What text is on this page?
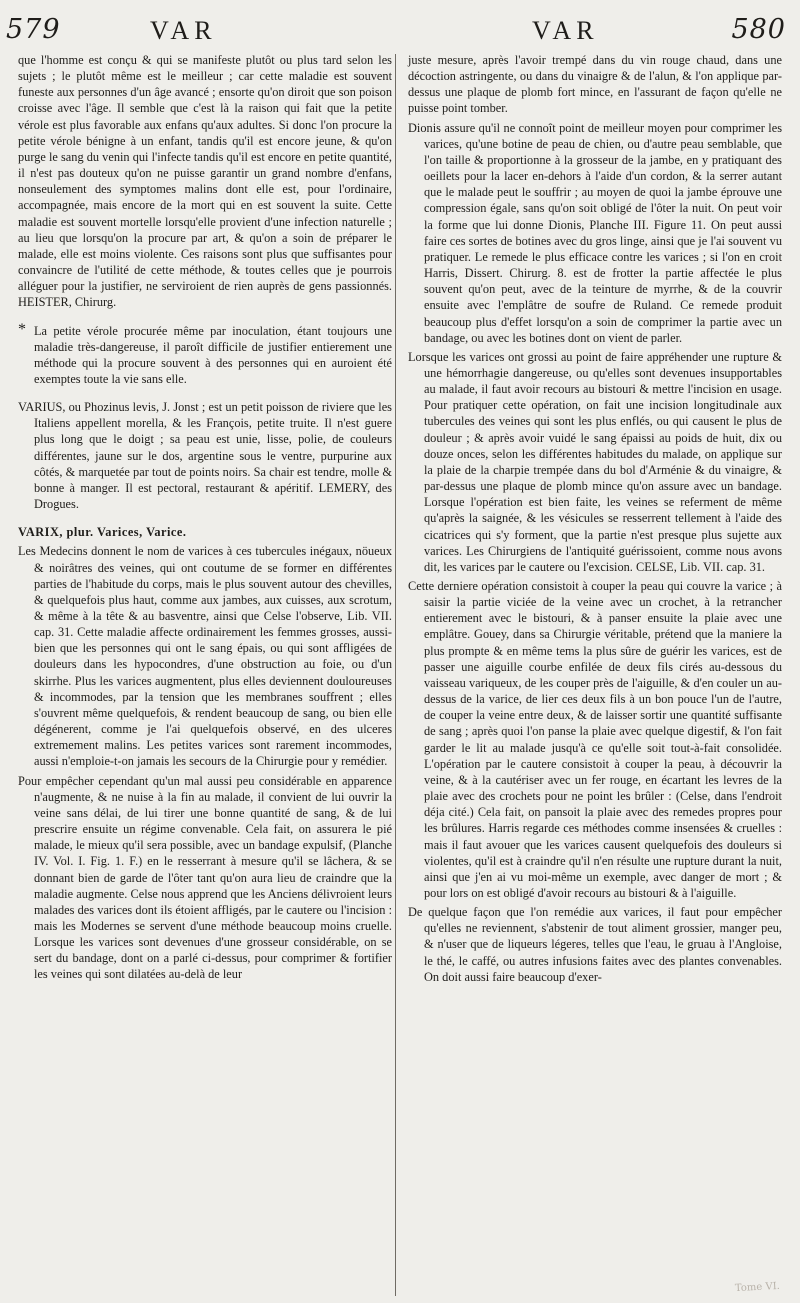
579	VAR	VAR	580

que l'homme est conçu & qui se manifeste plutôt ou plus tard selon les sujets ; le plutôt même est le meilleur ; car cette maladie est souvent funeste aux personnes d'un âge avancé ; ensorte qu'on diroit que son poison croisse avec l'âge. Il semble que c'est là la raison qui fait que la petite vérole est plus favorable aux enfans qu'aux adultes. Si donc l'on procure la petite vérole bénigne à un enfant, tandis qu'il est encore jeune, & qu'on purge le sang du venin qui l'infecte tandis qu'il est encore en petite quantité, il n'est pas douteux qu'on ne puisse garantir un grand nombre d'enfans, nonseulement des symptomes malins dont elle est, pour l'ordinaire, accompagnée, mais encore de la mort qui en est souvent la suite. Cette maladie est souvent mortelle lorsqu'elle provient d'une infection naturelle ; au lieu que lorsqu'on la procure par art, & qu'on a soin de préparer le malade, elle est moins violente. Ces raisons sont plus que suffisantes pour convaincre de l'utilité de cette méthode, & toutes celles que je pourrois alléguer pour la justifier, ne serviroient de rien auprès de gens passionnés. HEISTER, Chirurg.

* La petite vérole procurée même par inoculation, étant toujours une maladie très-dangereuse, il paroît difficile de justifier entierement une méthode qui la procure souvent à des personnes qui en auroient été exemptes toute la vie sans elle.

VARIUS, ou Phozinus levis, J. Jonst ; est un petit poisson de riviere que les Italiens appellent morella, & les François, petite truite. Il n'est guere plus long que le doigt ; sa peau est unie, lisse, polie, de couleurs différentes, jaune sur le dos, argentine sous le ventre, purpurine aux côtés, & marquetée par tout de points noirs. Sa chair est tendre, molle & bonne à manger. Il est pectoral, restaurant & apéritif. LEMERY, des Drogues.

VARIX, plur. Varices, Varice.

Les Medecins donnent le nom de varices à ces tubercules inégaux, nöueux & noirâtres des veines, qui ont coutume de se former en différentes parties de l'habitude du corps, mais le plus souvent autour des chevilles, & quelquefois plus haut, comme aux jambes, aux cuisses, aux scrotum, & même à la tête & au basventre, ainsi que Celse l'observe, Lib. VII. cap. 31. Cette maladie affecte ordinairement les femmes grosses, aussi-bien que les personnes qui ont le sang épais, ou qui sont affligées de douleurs dans les hypocondres, d'une obstruction au foie, ou d'un skirrhe. Plus les varices augmentent, plus elles deviennent douloureuses & incommodes, par la tension que les membranes souffrent ; elles s'ouvrent même quelquefois, & rendent beaucoup de sang, ou bien elle dégénerent, comme je l'ai quelquefois observé, en des ulceres extremement malins. Les petites varices sont rarement incommodes, aussi n'emploie-t-on jamais les secours de la Chirurgie pour y remédier.

Pour empêcher cependant qu'un mal aussi peu considérable en apparence n'augmente, & ne nuise à la fin au malade, il convient de lui ouvrir la veine sans délai, de lui tirer une bonne quantité de sang, & de lui prescrire ensuite un régime convenable. Cela fait, on assurera le pié malade, le mieux qu'il sera possible, avec un bandage expulsif, (Planche IV. Vol. I. Fig. 1. F.) en le resserrant à mesure qu'il se lâchera, & se donnant bien de garde de l'ôter tant qu'on aura lieu de craindre que la maladie augmente. Celse nous apprend que les Anciens délivroient leurs malades des varices dont ils étoient affligés, par le cautere ou l'incision : mais les Modernes se servent d'une méthode beaucoup moins cruelle. Lorsque les varices sont devenues d'une grosseur considérable, on se sert du bandage, dont on a parlé ci-dessus, pour comprimer & fortifier les veines qui sont dilatées au-delà de leur

juste mesure, après l'avoir trempé dans du vin rouge chaud, dans une décoction astringente, ou dans du vinaigre & de l'alun, & l'on applique par-dessus une plaque de plomb fort mince, en l'assurant de façon qu'elle ne puisse point tomber.

Dionis assure qu'il ne connoît point de meilleur moyen pour comprimer les varices, qu'une botine de peau de chien, ou d'autre peau semblable, que l'on taille & proportionne à la grosseur de la jambe, en y pratiquant des oeillets pour la lacer en-dehors à l'aide d'un cordon, & la serrer autant que le malade peut le souffrir ; au moyen de quoi la jambe éprouve une compression égale, sans qu'on soit obligé de l'ôter la nuit. On peut voir la forme que lui donne Dionis, Planche III. Figure 11. On peut aussi faire ces sortes de botines avec du gros linge, ainsi que je l'ai souvent vu pratiquer. Le remede le plus efficace contre les varices ; si l'on en croit Harris, Dissert. Chirurg. 8. est de frotter la partie affectée le plus souvent qu'on peut, avec de la teinture de myrrhe, & de la couvrir ensuite avec l'emplâtre de soufre de Ruland. Ce remede produit beaucoup plus d'effet lorsqu'on a soin de comprimer la partie avec un bandage, ou avec les botines dont on vient de parler.

Lorsque les varices ont grossi au point de faire appréhender une rupture & une hémorrhagie dangereuse, ou qu'elles sont devenues insupportables au malade, il faut avoir recours au bistouri & mettre l'incision en usage. Pour pratiquer cette opération, on fait une incision longitudinale aux tubercules des veines qui sont les plus enflés, ou qui causent le plus de douleur ; & après avoir vuidé le sang épaissi au poids de huit, dix ou douze onces, selon les différentes habitudes du malade, on applique sur la plaie de la charpie trempée dans du bol d'Arménie & du vinaigre, & par-dessus une plaque de plomb mince qu'on assure avec un bandage. Lorsque l'opération est bien faite, les veines se referment de même qu'après la saignée, & les vésicules se resserrent tellement à l'aide des cicatrices qui s'y forment, que la partie n'est presque plus sujette aux varices. Les Chirurgiens de l'antiquité guérissoient, comme nous avons dit, les varices par le cautere ou l'excision. CELSE, Lib. VII. cap. 31.

Cette derniere opération consistoit à couper la peau qui couvre la varice ; à saisir la partie viciée de la veine avec un crochet, à la retrancher entierement avec le bistouri, & à panser ensuite la plaie avec une emplâtre. Gouey, dans sa Chirurgie véritable, prétend que la maniere la plus prompte & en même tems la plus sûre de guérir les varices, est de passer une aiguille courbe enfilée de deux fils cirés au-dessous du vaisseau variqueux, de les couper près de l'aiguille, & d'en couler un au-dessus de la varice, de lier ces deux fils à un bon pouce l'un de l'autre, de couper la veine entre deux, & de laisser sortir une quantité suffisante de sang ; après quoi l'on panse la plaie avec quelque digestif, & l'on fait garder le lit au malade jusqu'à ce qu'elle soit tout-à-fait consolidée. L'opération par le cautere consistoit à couper la peau, à découvrir la veine, & à la cautériser avec un fer rouge, en écartant les levres de la plaie avec des crochets pour ne point les brûler : (Celse, dans l'endroit déja cité.) Cela fait, on pansoit la plaie avec des remedes propres pour les brûlures. Harris regarde ces méthodes comme insensées & cruelles : mais il faut avouer que les varices causent quelquefois des douleurs si violentes, qu'il est à craindre qu'il n'en résulte une rupture durant la nuit, ainsi que j'en ai vu moi-même un exemple, avec danger de mort ; & pour lors on est obligé d'avoir recours au bistouri & à l'aiguille.

De quelque façon que l'on remédie aux varices, il faut pour empêcher qu'elles ne reviennent, s'abstenir de tout aliment grossier, manger peu, & n'user que de liqueurs légeres, telles que l'eau, le gruau à l'Angloise, le thé, le caffé, ou autres infusions faites avec des plantes convenables. On doit aussi faire beaucoup d'exer-

Tome VI.
